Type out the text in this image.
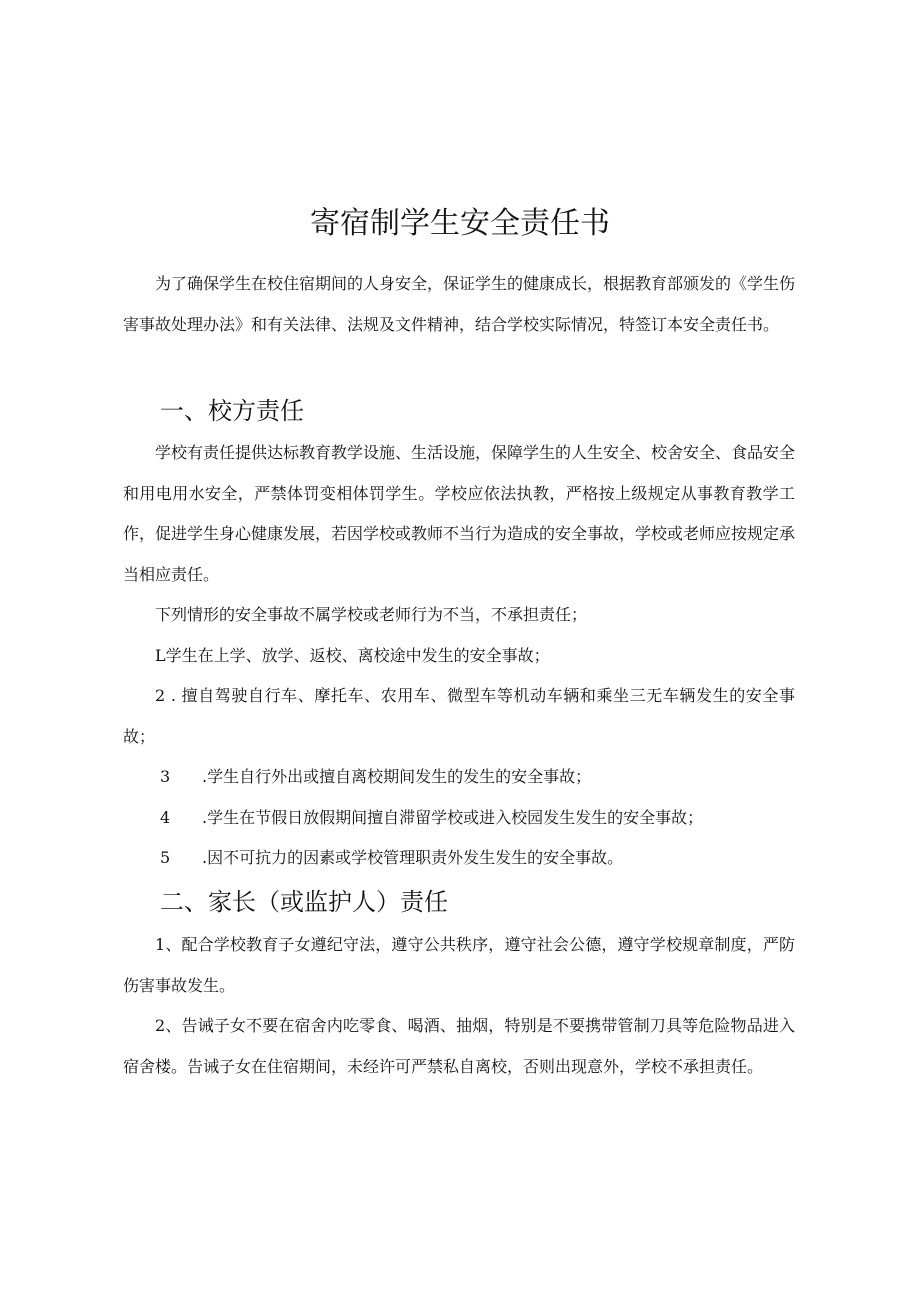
寄宿制学生安全责任书

为了确保学生在校住宿期间的人身安全，保证学生的健康成长，根据教育部颁发的《学生伤害事故处理办法》和有关法律、法规及文件精神，结合学校实际情况，特签订本安全责任书。

一、校方责任

学校有责任提供达标教育教学设施、生活设施，保障学生的人生安全、校舍安全、食品安全和用电用水安全，严禁体罚变相体罚学生。学校应依法执教，严格按上级规定从事教育教学工作，促进学生身心健康发展，若因学校或教师不当行为造成的安全事故，学校或老师应按规定承当相应责任。

下列情形的安全事故不属学校或老师行为不当，不承担责任；

L学生在上学、放学、返校、离校途中发生的安全事故；

2 . 擅自驾驶自行车、摩托车、农用车、微型车等机动车辆和乘坐三无车辆发生的安全事故；

3 .学生自行外出或擅自离校期间发生的发生的安全事故；

4 .学生在节假日放假期间擅自滞留学校或进入校园发生发生的安全事故；

5 .因不可抗力的因素或学校管理职责外发生发生的安全事故。

二、家长（或监护人）责任

1、配合学校教育子女遵纪守法，遵守公共秩序，遵守社会公德，遵守学校规章制度，严防伤害事故发生。

2、告诫子女不要在宿舍内吃零食、喝酒、抽烟，特别是不要携带管制刀具等危险物品进入宿舍楼。告诫子女在住宿期间，未经许可严禁私自离校，否则出现意外，学校不承担责任。
